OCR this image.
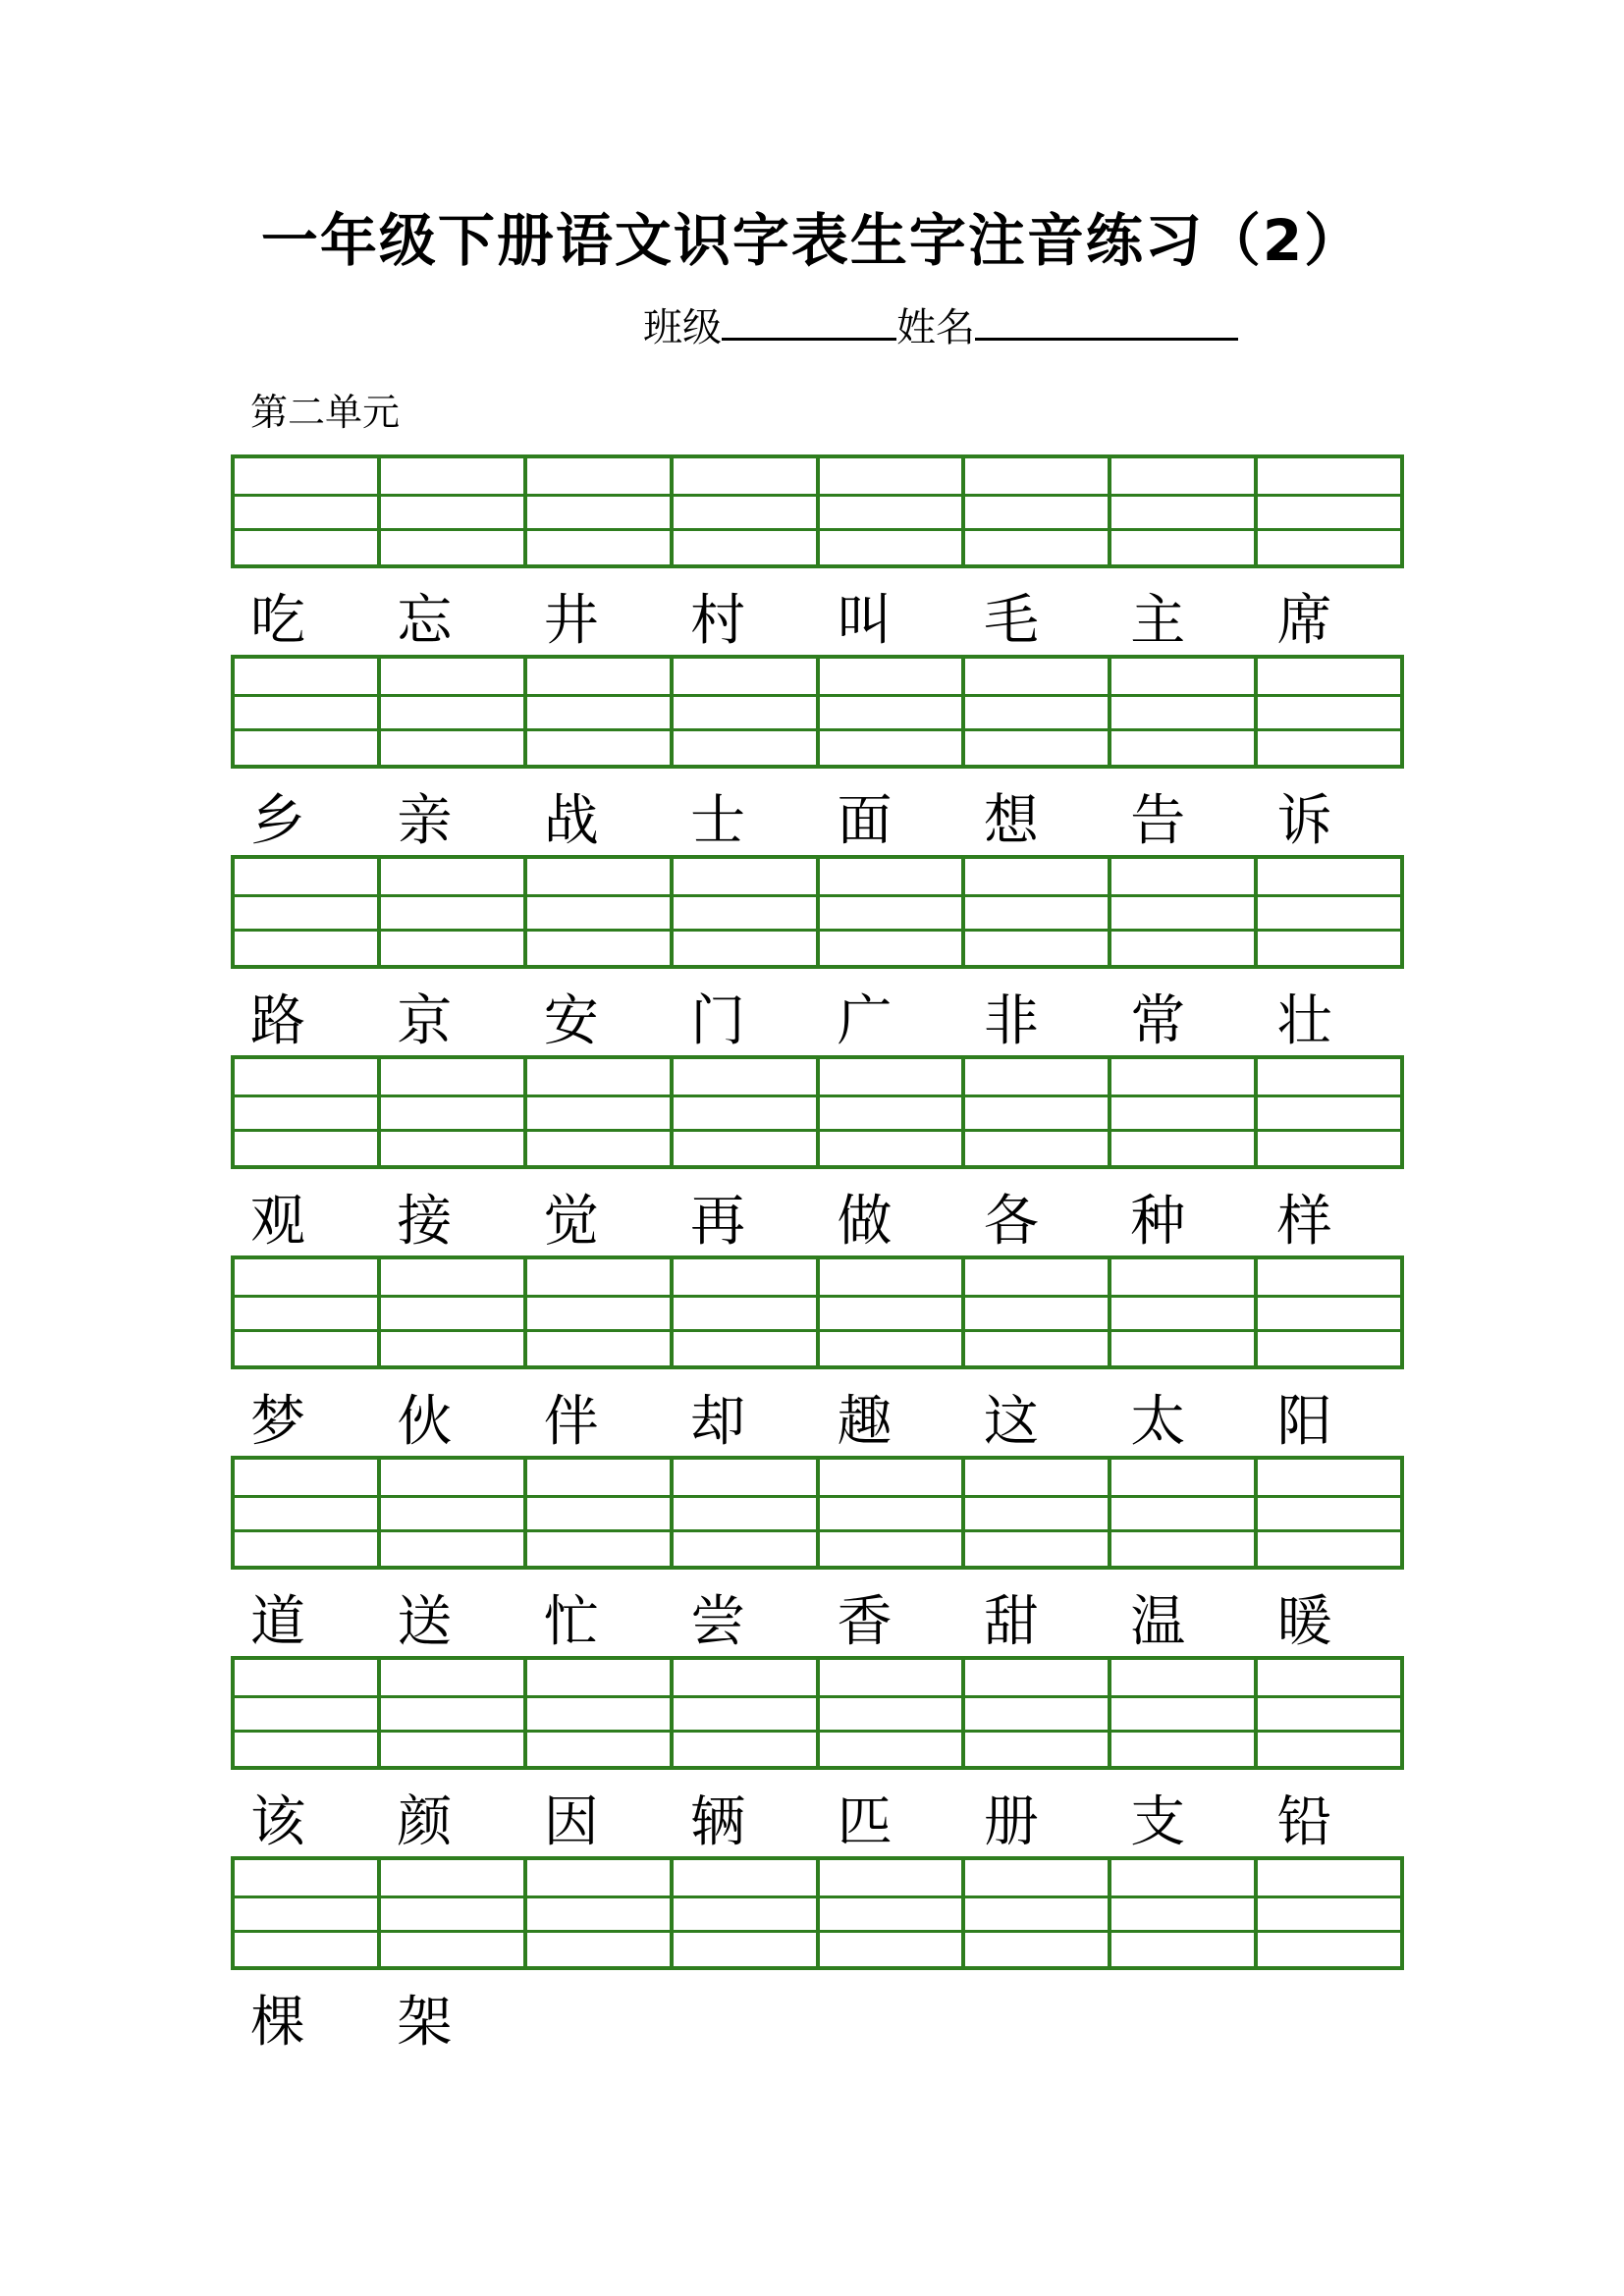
一年级下册语文识字表生字注音练习（2）
班级	姓名
第二单元
吃	忘	井	村	叫	毛	主	席
乡	亲	战	士	面	想	告	诉
路	京	安	门	广	非	常	壮
观	接	觉	再	做	各	种	样
梦	伙	伴	却	趣	这	太	阳
道	送	忙	尝	香	甜	温	暖
该	颜	因	辆	匹	册	支	铅
棵	架
